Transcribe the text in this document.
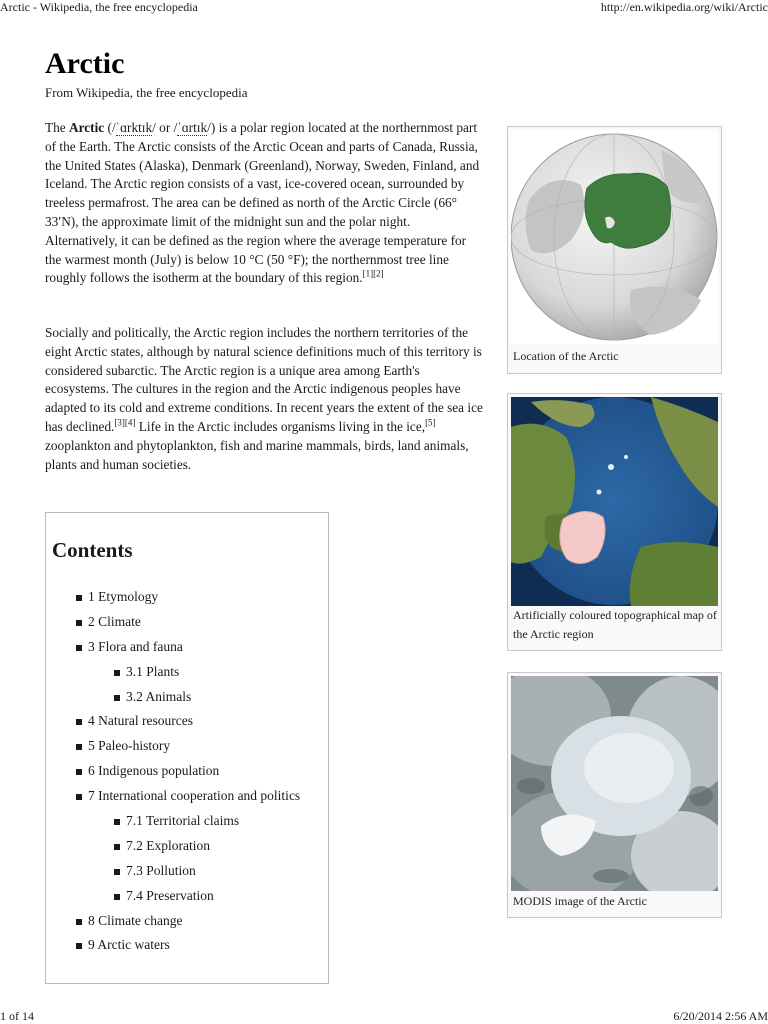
Arctic - Wikipedia, the free encyclopedia	http://en.wikipedia.org/wiki/Arctic
Arctic
From Wikipedia, the free encyclopedia

The Arctic (/ˈɑrktɪk/ or /ˈɑrtɪk/) is a polar region located at the northernmost part of the Earth. The Arctic consists of the Arctic Ocean and parts of Canada, Russia, the United States (Alaska), Denmark (Greenland), Norway, Sweden, Finland, and Iceland. The Arctic region consists of a vast, ice-covered ocean, surrounded by treeless permafrost. The area can be defined as north of the Arctic Circle (66° 33′N), the approximate limit of the midnight sun and the polar night. Alternatively, it can be defined as the region where the average temperature for the warmest month (July) is below 10 °C (50 °F); the northernmost tree line roughly follows the isotherm at the boundary of this region.[1][2]

Socially and politically, the Arctic region includes the northern territories of the eight Arctic states, although by natural science definitions much of this territory is considered subarctic. The Arctic region is a unique area among Earth's ecosystems. The cultures in the region and the Arctic indigenous peoples have adapted to its cold and extreme conditions. In recent years the extent of the sea ice has declined.[3][4] Life in the Arctic includes organisms living in the ice,[5] zooplankton and phytoplankton, fish and marine mammals, birds, land animals, plants and human societies.

Contents
1 Etymology
2 Climate
3 Flora and fauna
3.1 Plants
3.2 Animals
4 Natural resources
5 Paleo-history
6 Indigenous population
7 International cooperation and politics
7.1 Territorial claims
7.2 Exploration
7.3 Pollution
7.4 Preservation
8 Climate change
9 Arctic waters
Location of the Arctic
Artificially coloured topographical map of the Arctic region
MODIS image of the Arctic
1 of 14	6/20/2014 2:56 AM
